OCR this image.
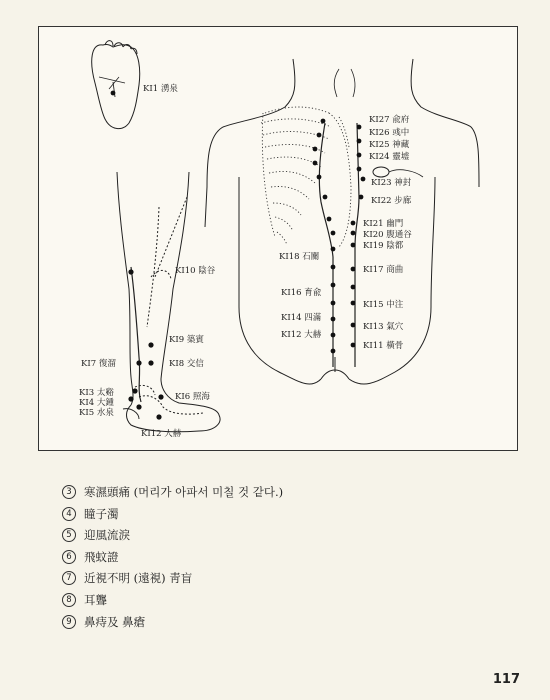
KI1 湧泉
KI10 陰谷
KI9 築賓
KI7 復溜	KI8 交信
KI3 太谿
KI4 大鍾
KI5 水泉
KI6 照海
KI12 人赫
KI27 兪府
KI26 彧中
KI25 神藏
KI24 靈墟
KI23 神封
KI22 步廊
KI21 幽門
KI20 腹通谷
KI19 陰都
KI18 石關
KI17 商曲
KI16 育兪
KI15 中注
KI14 四滿
KI13 氣穴
KI12 大赫
KI11 橫骨
3 寒濕頭痛 (머리가 아파서 미칠 것 같다.)
4 瞳子濁
5 迎風流淚
6 飛蚊證
7 近視不明 (遠視) 靑盲
8 耳聾
9 鼻痔及 鼻瘡
117
